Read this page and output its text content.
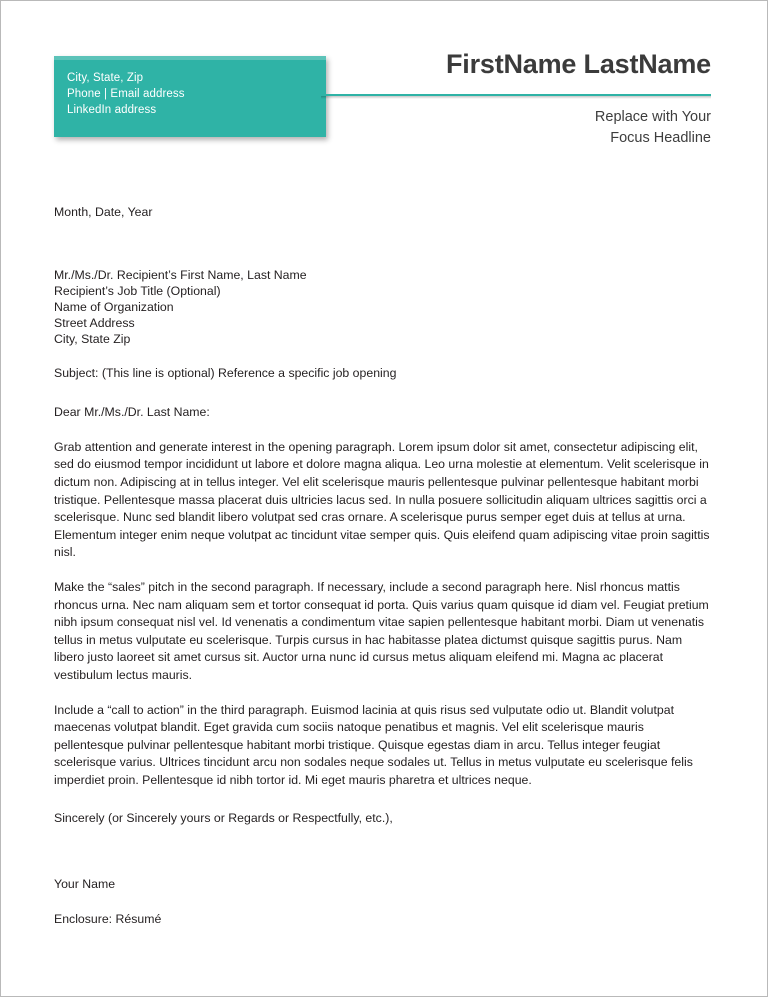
City, State, Zip
Phone | Email address
LinkedIn address
FirstName LastName
Replace with Your
Focus Headline
Month, Date, Year
Mr./Ms./Dr. Recipient’s First Name, Last Name
Recipient’s Job Title (Optional)
Name of Organization
Street Address
City, State Zip
Subject: (This line is optional) Reference a specific job opening
Dear Mr./Ms./Dr. Last Name:

Grab attention and generate interest in the opening paragraph. Lorem ipsum dolor sit amet, consectetur adipiscing elit, sed do eiusmod tempor incididunt ut labore et dolore magna aliqua. Leo urna molestie at elementum. Velit scelerisque in dictum non. Adipiscing at in tellus integer. Vel elit scelerisque mauris pellentesque pulvinar pellentesque habitant morbi tristique. Pellentesque massa placerat duis ultricies lacus sed. In nulla posuere sollicitudin aliquam ultrices sagittis orci a scelerisque. Nunc sed blandit libero volutpat sed cras ornare. A scelerisque purus semper eget duis at tellus at urna. Elementum integer enim neque volutpat ac tincidunt vitae semper quis. Quis eleifend quam adipiscing vitae proin sagittis nisl.

Make the “sales” pitch in the second paragraph. If necessary, include a second paragraph here. Nisl rhoncus mattis rhoncus urna. Nec nam aliquam sem et tortor consequat id porta. Quis varius quam quisque id diam vel. Feugiat pretium nibh ipsum consequat nisl vel. Id venenatis a condimentum vitae sapien pellentesque habitant morbi. Diam ut venenatis tellus in metus vulputate eu scelerisque. Turpis cursus in hac habitasse platea dictumst quisque sagittis purus. Nam libero justo laoreet sit amet cursus sit. Auctor urna nunc id cursus metus aliquam eleifend mi. Magna ac placerat vestibulum lectus mauris.

Include a “call to action” in the third paragraph. Euismod lacinia at quis risus sed vulputate odio ut. Blandit volutpat maecenas volutpat blandit. Eget gravida cum sociis natoque penatibus et magnis. Vel elit scelerisque mauris pellentesque pulvinar pellentesque habitant morbi tristique. Quisque egestas diam in arcu. Tellus integer feugiat scelerisque varius. Ultrices tincidunt arcu non sodales neque sodales ut. Tellus in metus vulputate eu scelerisque felis imperdiet proin. Pellentesque id nibh tortor id. Mi eget mauris pharetra et ultrices neque.

Sincerely (or Sincerely yours or Regards or Respectfully, etc.),
Your Name
Enclosure: Résumé
